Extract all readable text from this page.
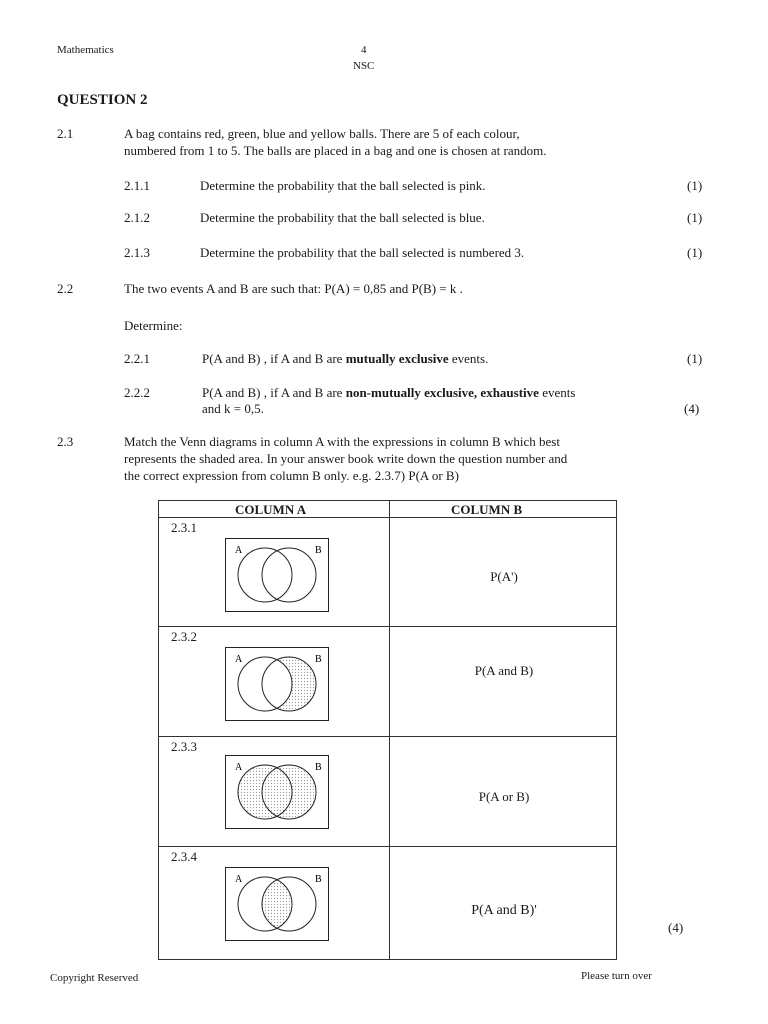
Mathematics	4
NSC
QUESTION 2
2.1	A bag contains red, green, blue and yellow balls. There are 5 of each colour,
numbered from 1 to 5. The balls are placed in a bag and one is chosen at random.
2.1.1	Determine the probability that the ball selected is pink.	(1)
2.1.2	Determine the probability that the ball selected is blue.	(1)
2.1.3	Determine the probability that the ball selected is numbered 3.	(1)
2.2	The two events A and B are such that: P(A) = 0,85 and P(B) = k .
Determine:
2.2.1	P(A and B) , if A and B are mutually exclusive events.	(1)
2.2.2	P(A and B) , if A and B are non-mutually exclusive, exhaustive events
and k = 0,5.	(4)
2.3	Match the Venn diagrams in column A with the expressions in column B which best
represents the shaded area. In your answer book write down the question number and
the correct expression from column B only. e.g. 2.3.7) P(A or B)
COLUMN A	COLUMN B
2.3.1
A	B
P(A')
2.3.2
A	B
P(A and B)
2.3.3
A	B
P(A or B)
2.3.4
A	B
P(A and B)'
(4)
Copyright Reserved	Please turn over
